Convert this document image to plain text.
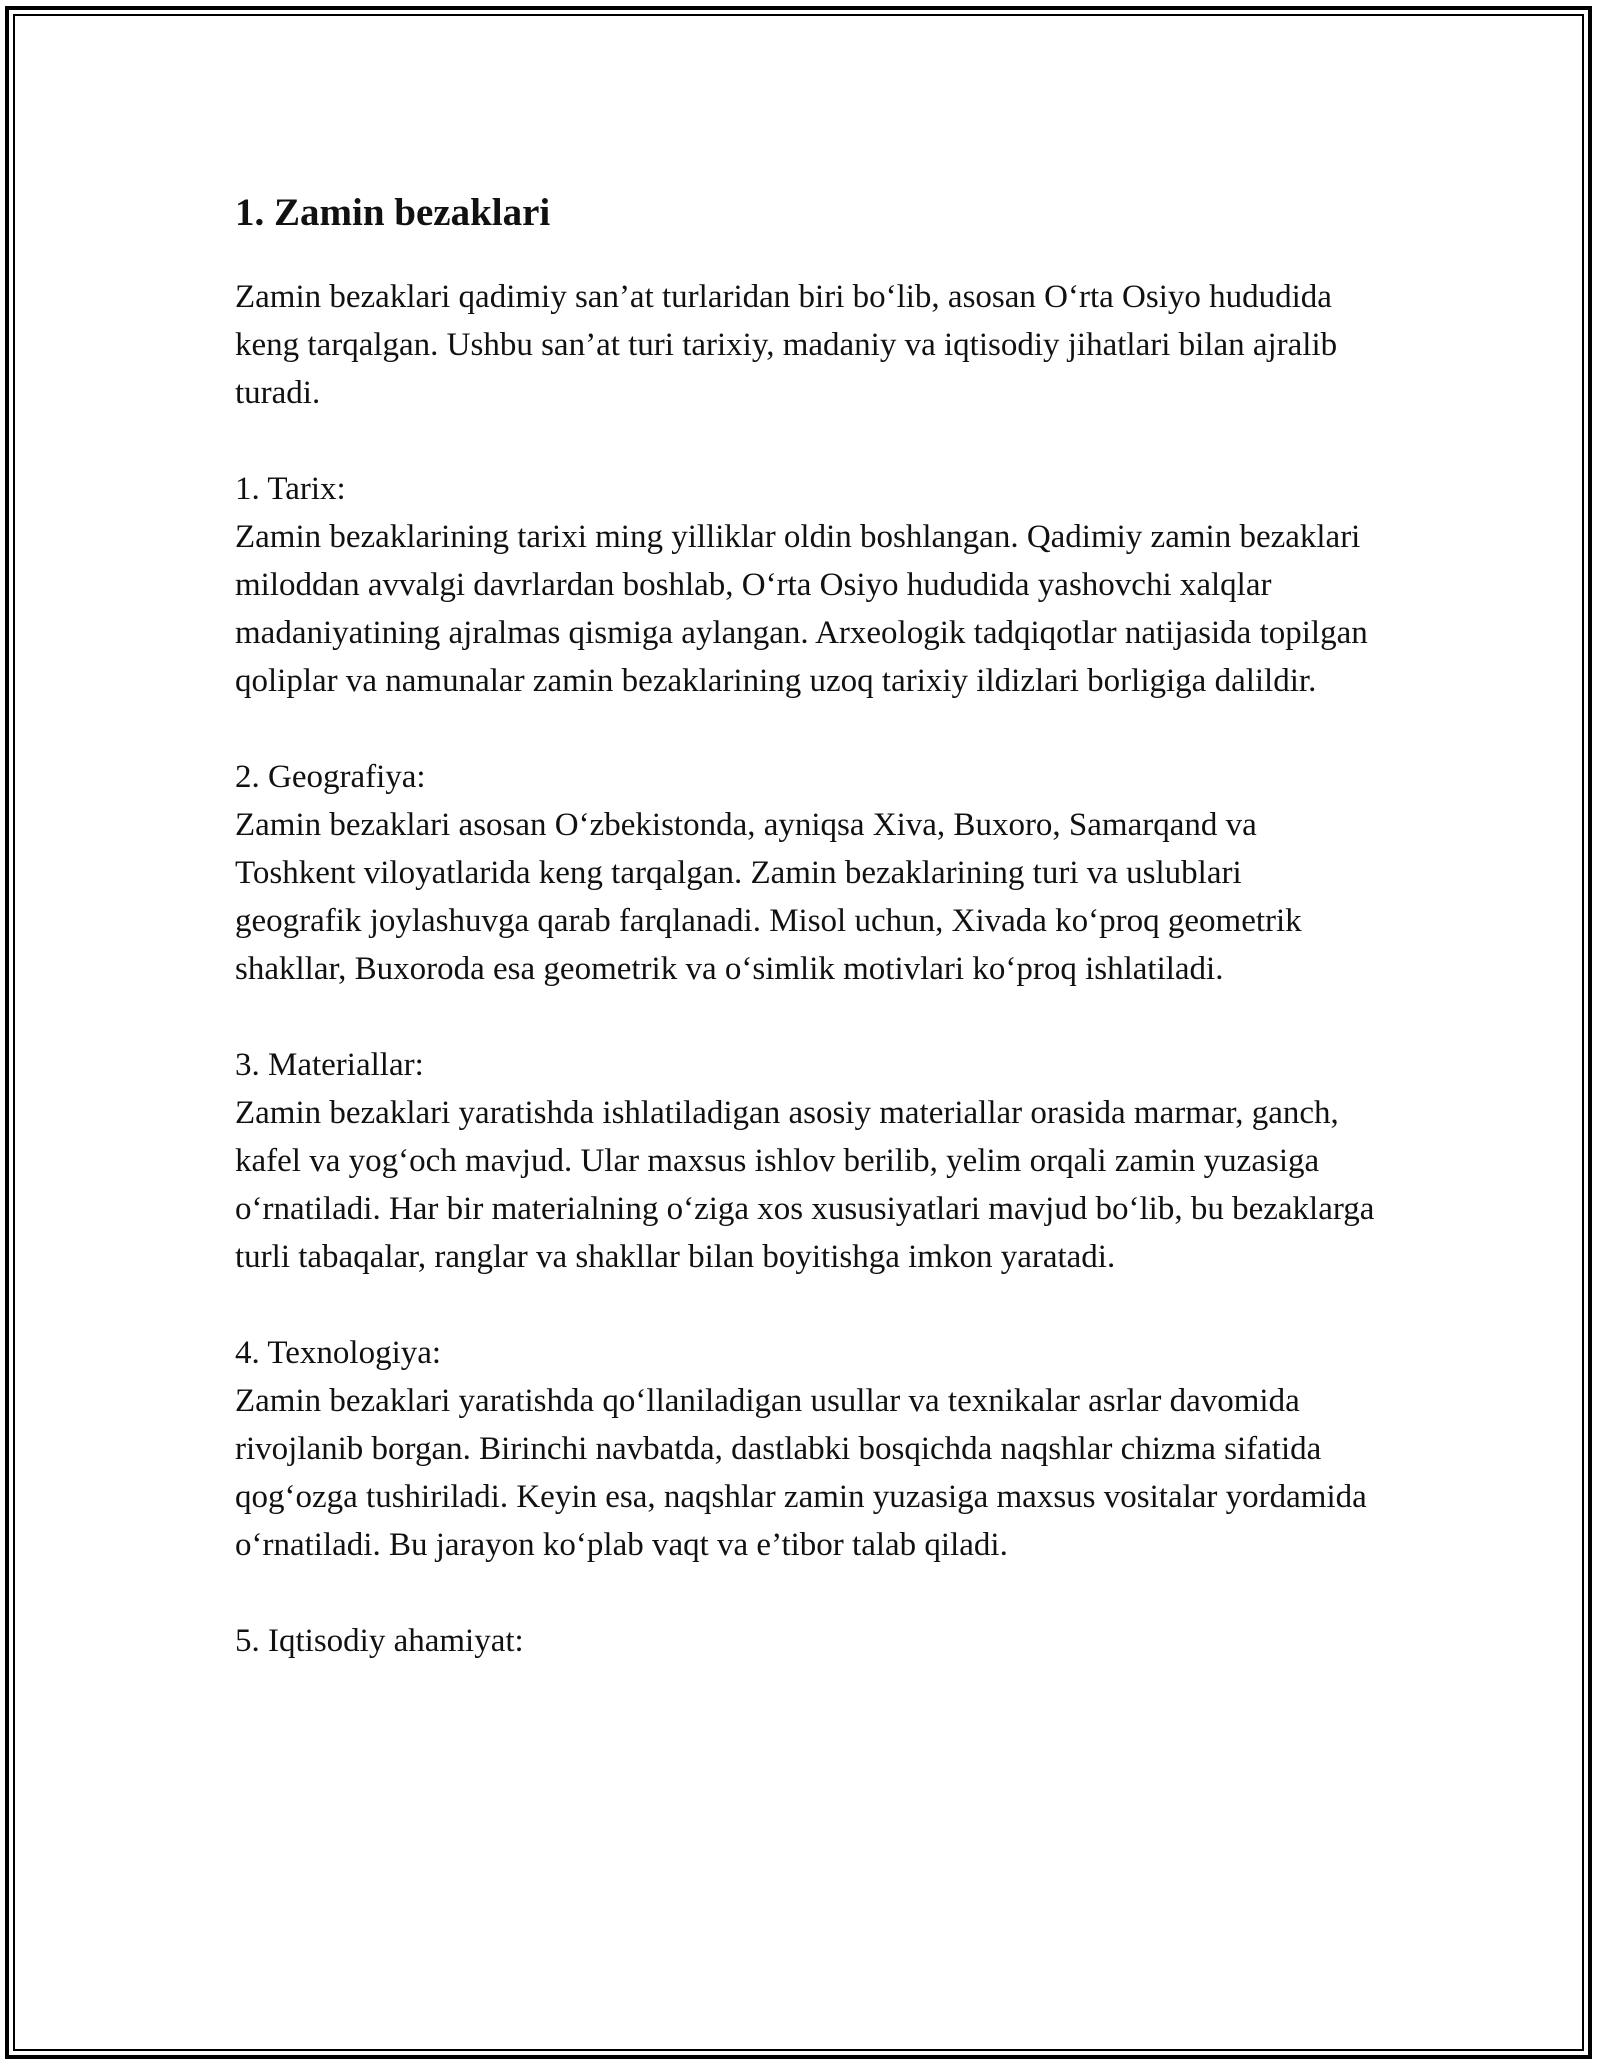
1. Zamin bezaklari

Zamin bezaklari qadimiy san’at turlaridan biri bo‘lib, asosan O‘rta Osiyo hududida keng tarqalgan. Ushbu san’at turi tarixiy, madaniy va iqtisodiy jihatlari bilan ajralib turadi.

1. Tarix:

Zamin bezaklarining tarixi ming yilliklar oldin boshlangan. Qadimiy zamin bezaklari miloddan avvalgi davrlardan boshlab, O‘rta Osiyo hududida yashovchi xalqlar madaniyatining ajralmas qismiga aylangan. Arxeologik tadqiqotlar natijasida topilgan qoliplar va namunalar zamin bezaklarining uzoq tarixiy ildizlari borligiga dalildir.

2. Geografiya:

Zamin bezaklari asosan O‘zbekistonda, ayniqsa Xiva, Buxoro, Samarqand va Toshkent viloyatlarida keng tarqalgan. Zamin bezaklarining turi va uslublari geografik joylashuvga qarab farqlanadi. Misol uchun, Xivada ko‘proq geometrik shakllar, Buxoroda esa geometrik va o‘simlik motivlari ko‘proq ishlatiladi.

3. Materiallar:

Zamin bezaklari yaratishda ishlatiladigan asosiy materiallar orasida marmar, ganch, kafel va yog‘och mavjud. Ular maxsus ishlov berilib, yelim orqali zamin yuzasiga o‘rnatiladi. Har bir materialning o‘ziga xos xususiyatlari mavjud bo‘lib, bu bezaklarga turli tabaqalar, ranglar va shakllar bilan boyitishga imkon yaratadi.

4. Texnologiya:

Zamin bezaklari yaratishda qo‘llaniladigan usullar va texnikalar asrlar davomida rivojlanib borgan. Birinchi navbatda, dastlabki bosqichda naqshlar chizma sifatida qog‘ozga tushiriladi. Keyin esa, naqshlar zamin yuzasiga maxsus vositalar yordamida o‘rnatiladi. Bu jarayon ko‘plab vaqt va e’tibor talab qiladi.

5. Iqtisodiy ahamiyat:
